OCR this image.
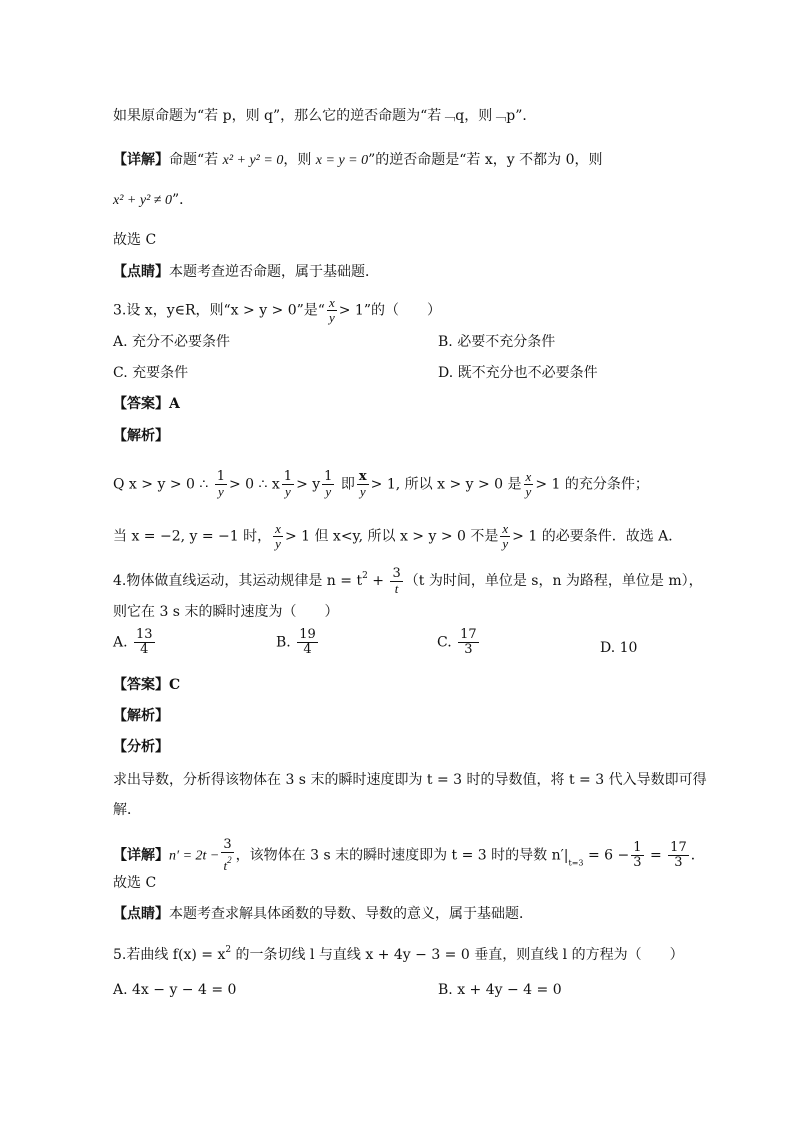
如果原命题为“若 p，则 q”，那么它的逆否命题为“若﹁q，则﹁p”．
【详解】命题“若 x² + y² = 0，则 x = y = 0”的逆否命题是“若 x，y 不都为 0，则
x² + y² ≠ 0”．
故选 C
【点睛】本题考查逆否命题，属于基础题．
3.设 x，y∈R，则“x > y > 0”是“ $\frac{x}{y} > 1$”的（　　）
A. 充分不必要条件	B. 必要不充分条件
C. 充要条件	D. 既不充分也不必要条件
【答案】A
【解析】
Q x > y > 0 ∴ $\frac{1}{y} > 0$ ∴ x $\frac{1}{y} > y \frac{1}{y}$ 即 $\frac{x}{y} > 1$, 所以 x > y > 0 是 $\frac{x}{y} > 1$ 的充分条件；
当 x = −2, y = −1 时， $\frac{x}{y} > 1$ 但 x<y, 所以 x > y > 0 不是 $\frac{x}{y} > 1$ 的必要条件．故选 A．
4.物体做直线运动，其运动规律是 $n = t^2 + \frac{3}{t} (t$ 为时间，单位是 s，n 为路程，单位是 m），
则它在 3 s 末的瞬时速度为（　　）
A. $\frac{13}{4}$	B. $\frac{19}{4}$	C. $\frac{17}{3}$	D. 10
【答案】C
【解析】
【分析】
求出导数，分析得该物体在 3 s 末的瞬时速度即为 t = 3 时的导数值，将 t = 3 代入导数即可得
解．
【详解】$n' = 2t - \frac{3}{t^2}$ ，该物体在 3 s 末的瞬时速度即为 t = 3 时的导数 $n'|_{t=3} = 6 - \frac{1}{3} = \frac{17}{3}$ ．
故选 C
【点睛】本题考查求解具体函数的导数、导数的意义，属于基础题．
5.若曲线 $f(x) = x^2$ 的一条切线 l 与直线 x + 4y − 3 = 0 垂直，则直线 l 的方程为（　　）
A. 4x − y − 4 = 0	B. x + 4y − 4 = 0
